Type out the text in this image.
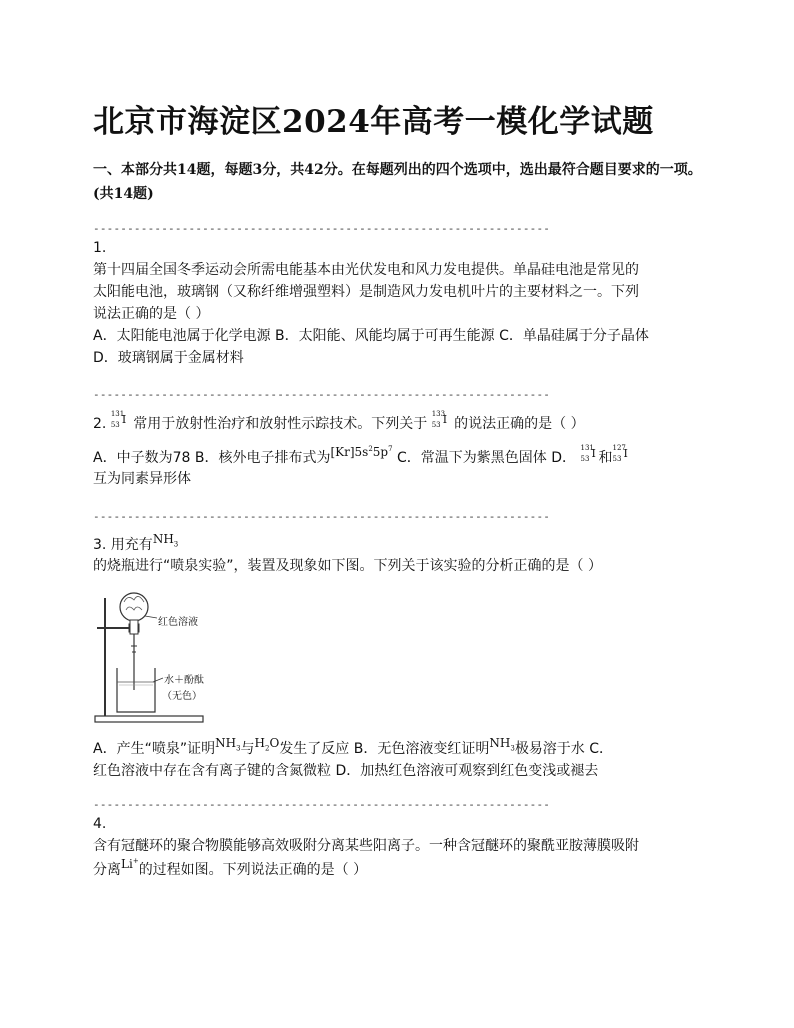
北京市海淀区2024年高考一模化学试题
一、本部分共14题，每题3分，共42分。在每题列出的四个选项中，选出最符合题目要求的一项。(共14题)
-------------------------------------------------------------------
1.
第十四届全国冬季运动会所需电能基本由光伏发电和风力发电提供。单晶硅电池是常见的
太阳能电池，玻璃钢（又称纤维增强塑料）是制造风力发电机叶片的主要材料之一。下列
说法正确的是（ ）
A．太阳能电池属于化学电源 B．太阳能、风能均属于可再生能源 C．单晶硅属于分子晶体
D．玻璃钢属于金属材料
-------------------------------------------------------------------
2.
131
53 I 常用于放射性治疗和放射性示踪技术。下列关于
133
53 I 的说法正确的是（ ）
A．中子数为78 B．核外电子排布式为$[Kr]5s^25p^7$ C．常温下为紫黑色固体 D．
131
53 I 和
127
53 I
互为同素异形体
-------------------------------------------------------------------
3. 用充有$NH_3$
的烧瓶进行“喷泉实验”，装置及现象如下图。下列关于该实验的分析正确的是（ ）
红色溶液
水＋酚酞
（无色）
A．产生“喷泉”证明$NH_3$与$H_2O$发生了反应 B．无色溶液变红证明$NH_3$极易溶于水 C．
红色溶液中存在含有离子键的含氮微粒 D．加热红色溶液可观察到红色变浅或褪去
-------------------------------------------------------------------
4.
含有冠醚环的聚合物膜能够高效吸附分离某些阳离子。一种含冠醚环的聚酰亚胺薄膜吸附
分离Li+的过程如图。下列说法正确的是（ ）
